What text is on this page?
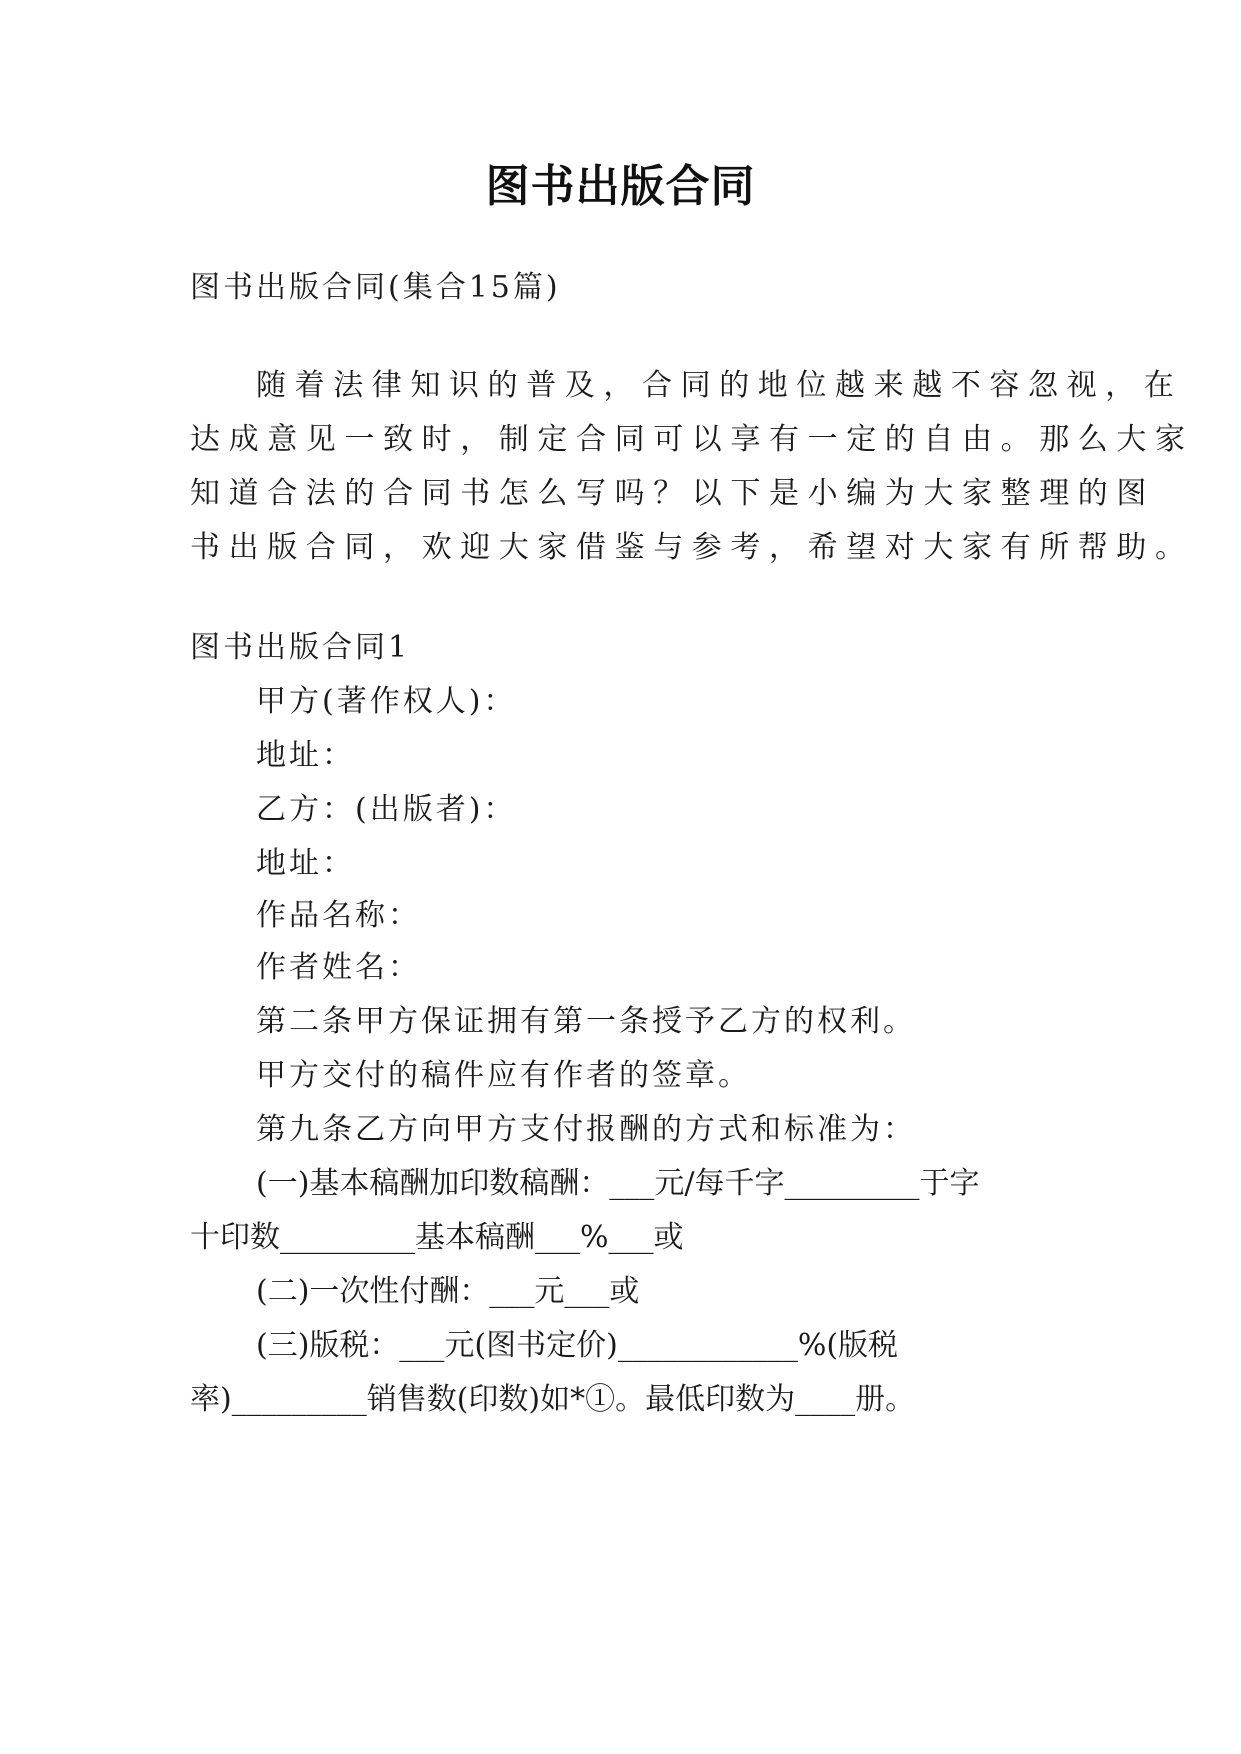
图书出版合同
图书出版合同(集合15篇)
随着法律知识的普及，合同的地位越来越不容忽视，在
达成意见一致时，制定合同可以享有一定的自由。那么大家
知道合法的合同书怎么写吗？以下是小编为大家整理的图
书出版合同，欢迎大家借鉴与参考，希望对大家有所帮助。
图书出版合同1
甲方(著作权人)：
地址：
乙方：(出版者)：
地址：
作品名称：
作者姓名：
第二条甲方保证拥有第一条授予乙方的权利。
甲方交付的稿件应有作者的签章。
第九条乙方向甲方支付报酬的方式和标准为：
(一)基本稿酬加印数稿酬：___元/每千字_________于字
十印数_________基本稿酬___%___或
(二)一次性付酬：___元___或
(三)版税：___元(图书定价)____________%(版税
率)_________销售数(印数)如*①。最低印数为____册。
